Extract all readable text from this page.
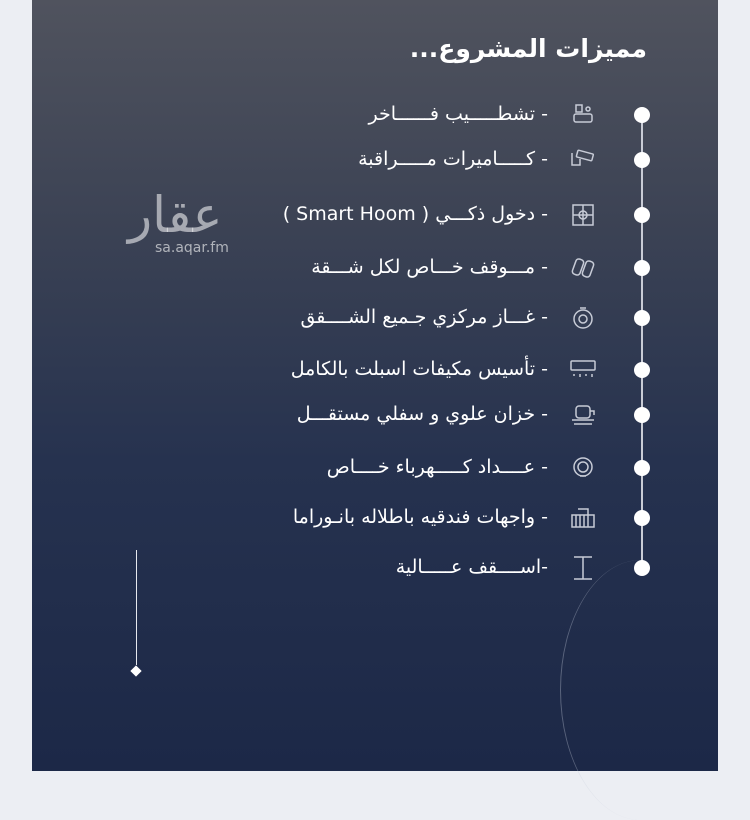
عقار
sa.aqar.fm
مميزات المشروع...
- تشطـــــيب فــــــاخر
- كـــــاميرات مـــــراقبة
- دخول ذكـــي ( Smart Hoom )
- مـــوقف خـــاص لكل شـــقة
- غـــاز مركزي جـميع الشــــقق
- تأسيس مكيفات اسبلت بالكامل
- خزان علوي و سفلي مستقـــل
- عــــداد كـــــهرباء خــــاص
- واجهات فندقيه باطلاله بانـوراما
-اســــقف عـــــالية
